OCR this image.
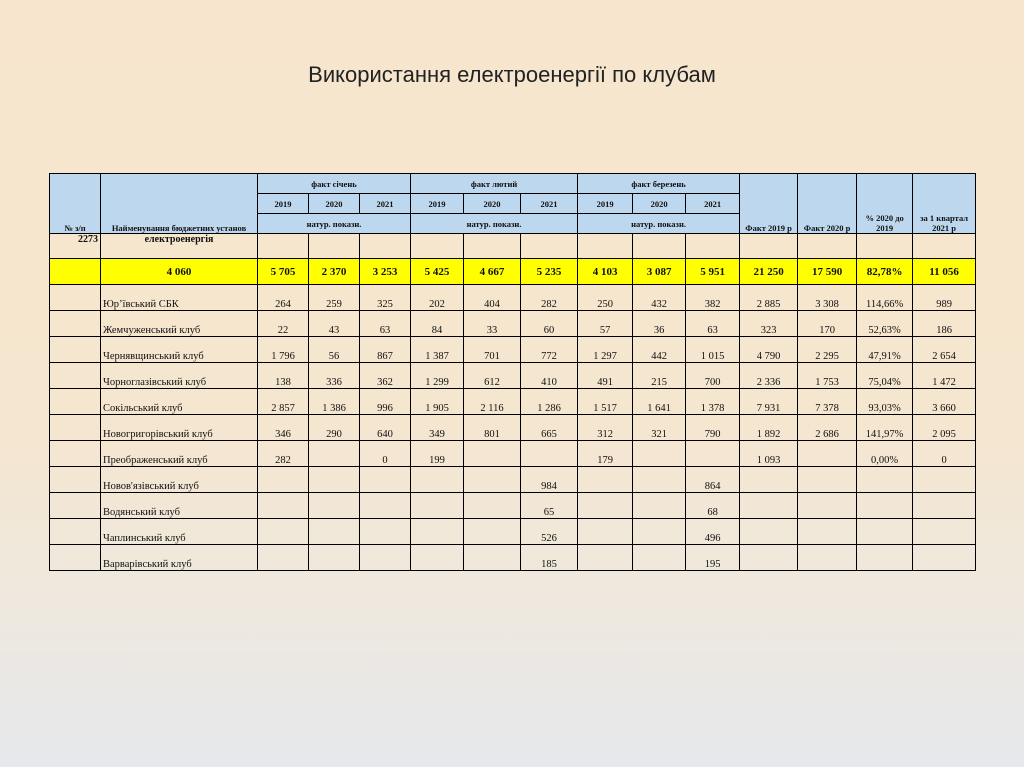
Використання електроенергії по клубам
№ з/п	Найменування бюджетних установ	факт січень			факт лютий			факт березень			Факт 2019 р	Факт 2020 р	% 2020 до 2019	за 1 квартал 2021 р
		2019	2020	2021	2019	2020	2021	2019	2020	2021				
		натур. показн.			натур. показн.			натур. показн.						
2273	електроенергія													
	4 060	5 705	2 370	3 253	5 425	4 667	5 235	4 103	3 087	5 951	21 250	17 590	82,78%	11 056
	Юр’ївський СБК	264	259	325	202	404	282	250	432	382	2 885	3 308	114,66%	989
	Жемчуженський клуб	22	43	63	84	33	60	57	36	63	323	170	52,63%	186
	Чернявщинський клуб	1 796	56	867	1 387	701	772	1 297	442	1 015	4 790	2 295	47,91%	2 654
	Чорноглазівський клуб	138	336	362	1 299	612	410	491	215	700	2 336	1 753	75,04%	1 472
	Сокільський клуб	2 857	1 386	996	1 905	2 116	1 286	1 517	1 641	1 378	7 931	7 378	93,03%	3 660
	Новогригорівський клуб	346	290	640	349	801	665	312	321	790	1 892	2 686	141,97%	2 095
	Преображенський клуб	282		0	199			179			1 093		0,00%	0
	Новов'язівський клуб						984			864				
	Водянський клуб						65			68				
	Чаплинський клуб						526			496				
	Варварівський клуб						185			195				
